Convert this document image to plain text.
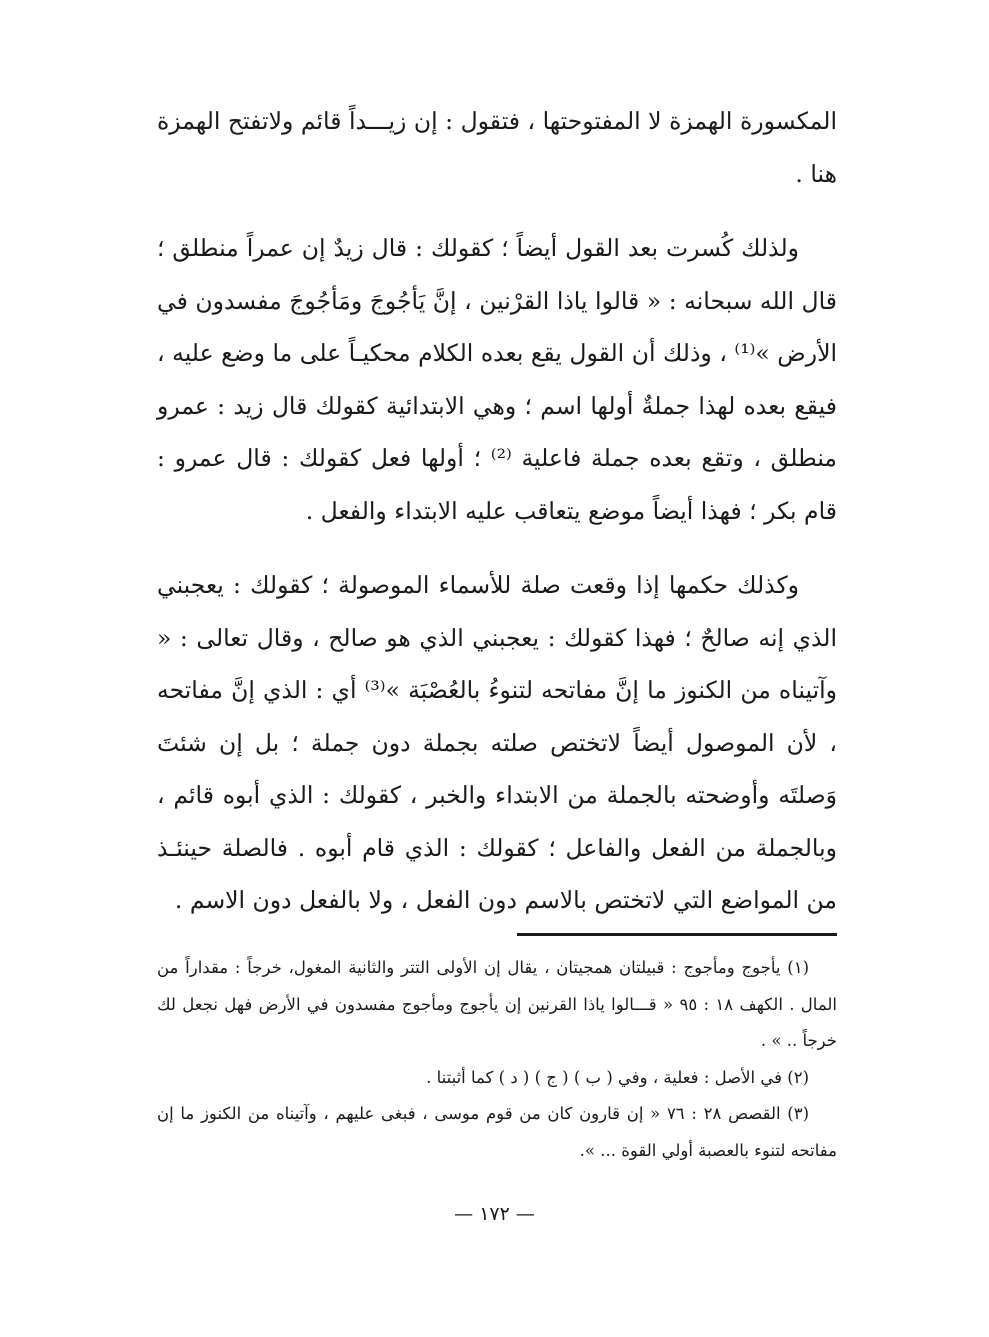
المكسورة الهمزة لا المفتوحتها ، فتقول : إن زيـــداً قائم ولاتفتح الهمزة هنا .

ولذلك كُسرت بعد القول أيضاً ؛ كقولك : قال زيدٌ إن عمراً منطلق ؛ قال الله سبحانه : « قالوا ياذا القرْنين ، إنَّ يَأجُوجَ ومَأجُوجَ مفسدون في الأرض »⁽¹⁾ ، وذلك أن القول يقع بعده الكلام محكيـاً على ما وضع عليه ، فيقع بعده لهذا جملةٌ أولها اسم ؛ وهي الابتدائية كقولك قال زيد : عمرو منطلق ، وتقع بعده جملة فاعلية ⁽²⁾ ؛ أولها فعل كقولك : قال عمرو : قام بكر ؛ فهذا أيضاً موضع يتعاقب عليه الابتداء والفعل .

وكذلك حكمها إذا وقعت صلة للأسماء الموصولة ؛ كقولك : يعجبني الذي إنه صالحٌ ؛ فهذا كقولك : يعجبني الذي هو صالح ، وقال تعالى : « وآتيناه من الكنوز ما إنَّ مفاتحه لتنوءُ بالعُصْبَة »⁽³⁾ أي : الذي إنَّ مفاتحه ، لأن الموصول أيضاً لاتختص صلته بجملة دون جملة ؛ بل إن شئتَ وَصلتَه وأوضحته بالجملة من الابتداء والخبر ، كقولك : الذي أبوه قائم ، وبالجملة من الفعل والفاعل ؛ كقولك : الذي قام أبوه . فالصلة حينئـذ من المواضع التي لاتختص بالاسم دون الفعل ، ولا بالفعل دون الاسم .

(١) يأجوج ومأجوج : قبيلتان همجيتان ، يقال إن الأولى التتر والثانية المغول، خرجاً : مقداراً من المال . الكهف ١٨ : ٩٥ « قـــالوا ياذا القرنين إن يأجوج ومأجوج مفسدون في الأرض فهل نجعل لك خرجاً .. » .

(٢) في الأصل : فعلية ، وفي ( ب ) ( ج ) ( د ) كما أثبتنا .

(٣) القصص ٢٨ : ٧٦ « إن قارون كان من قوم موسى ، فبغى عليهم ، وآتيناه من الكنوز ما إن مفاتحه لتنوء بالعصبة أولي القوة ... ».

— ١٧٢ —
